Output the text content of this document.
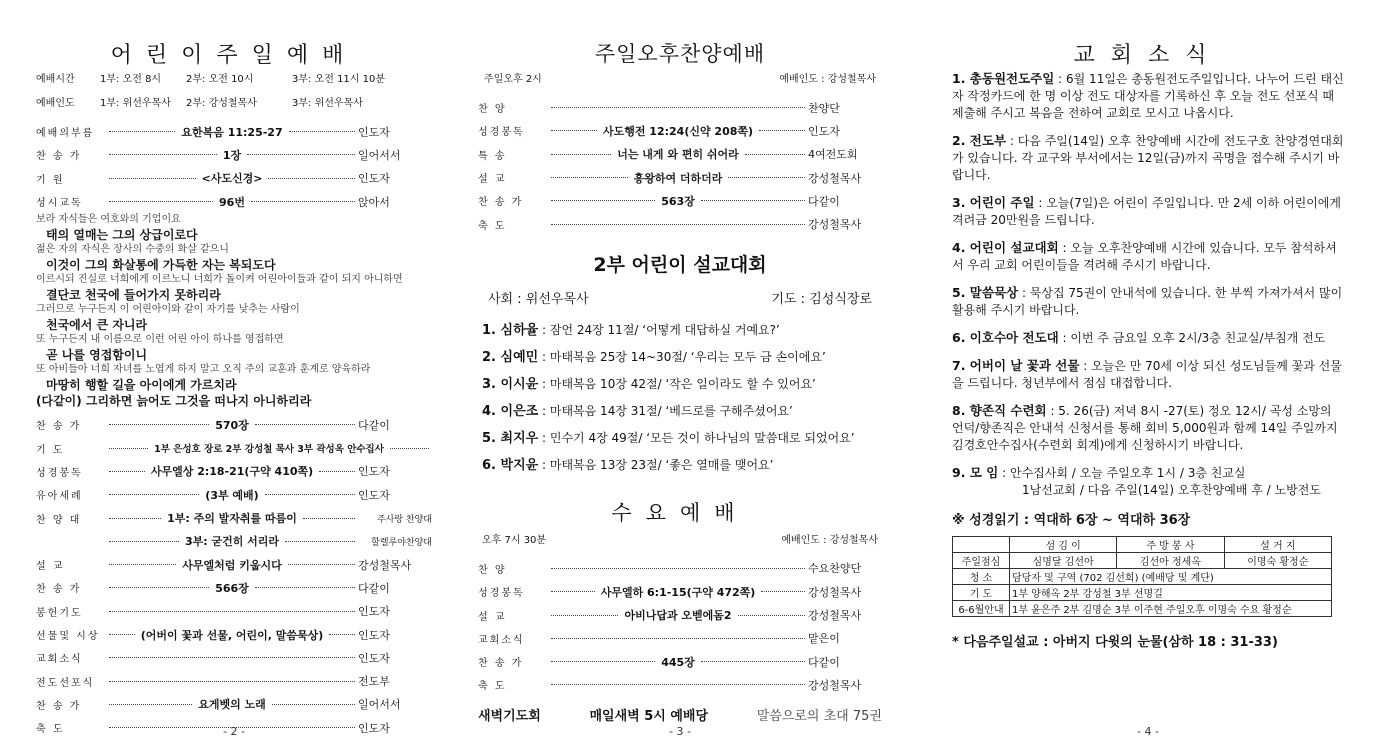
어린이주일예배
예배시간	1부: 오전 8시	2부: 오전 10시	3부: 오전 11시 10분
예배인도	1부: 위선우목사	2부: 강성철목사	3부: 위선우목사
예배의부름	요한복음 11:25-27	인도자
찬 송 가	1장	일어서서
기 원	<사도신경>	인도자
성시교독	96번	앉아서
보라 자식들은 여호와의 기업이요
태의 열매는 그의 상급이로다
젊은 자의 자식은 장사의 수중의 화살 같으니
이것이 그의 화살통에 가득한 자는 복되도다
이르시되 진실로 너희에게 이르노니 너희가 돌이켜 어린아이들과 같이 되지 아니하면
결단코 천국에 들어가지 못하리라
그러므로 누구든지 이 어린아이와 같이 자기를 낮추는 사람이
천국에서 큰 자니라
또 누구든지 내 이름으로 이런 어린 아이 하나를 영접하면
곧 나를 영접함이니
또 아비들아 너희 자녀를 노엽게 하지 말고 오직 주의 교훈과 훈계로 양육하라
마땅히 행할 길을 아이에게 가르치라
(다같이) 그리하면 늙어도 그것을 떠나지 아니하리라
찬 송 가	570장	다같이
기 도	1부 은성호 장로 2부 강성철 목사 3부 곽성옥 안수집사
성경봉독	사무엘상 2:18-21(구약 410쪽)	인도자
유아세례	(3부 예배)	인도자
찬 양 대	1부: 주의 발자취를 따름이	주사랑 찬양대
3부: 굳건히 서리라	할렐루야찬양대
설 교	사무엘처럼 키웁시다	강성철목사
찬 송 가	566장	다같이
봉헌기도	인도자
선물및 시상	(어버이 꽃과 선물, 어린이, 말씀묵상)	인도자
교회소식	인도자
전도선포식	전도부
찬 송 가	요게벳의 노래	일어서서
축 도	인도자
- 2 -
주일오후찬양예배
주일오후 2시	예배인도 : 강성철목사
찬 양	찬양단
성경봉독	사도행전 12:24(신약 208쪽)	인도자
특 송	너는 내게 와 편히 쉬어라	4여전도회
설 교	흥왕하여 더하더라	강성철목사
찬 송 가	563장	다같이
축 도	강성철목사
2부 어린이 설교대회
사회 : 위선우목사	기도 : 김성식장로
1. 심하율 : 잠언 24장 11절/ ‘어떻게 대답하실 거예요?’
2. 심예민 : 마태복음 25장 14~30절/ ‘우리는 모두 금 손이에요’
3. 이시윤 : 마태복음 10장 42절/ ‘작은 일이라도 할 수 있어요’
4. 이은조 : 마태복음 14장 31절/ ‘베드로를 구해주셨어요’
5. 최지우 : 민수기 4장 49절/ ‘모든 것이 하나님의 말씀대로 되었어요’
6. 박지윤 : 마태복음 13장 23절/ ‘좋은 열매를 맺어요’
수요예배
오후 7시 30분	예배인도 : 강성철목사
찬 양	수요찬양단
성경봉독	사무엘하 6:1-15(구약 472쪽)	강성철목사
설 교	아비나답과 오벧에돔2	강성철목사
교회소식	맡은이
찬 송 가	445장	다같이
축 도	강성철목사
새벽기도회	매일새벽 5시 예배당	말씀으로의 초대 75권
- 3 -
교회소식
1. 총동원전도주일 : 6월 11일은 총동원전도주일입니다. 나누어 드린 태신자 작정카드에 한 명 이상 전도 대상자를 기록하신 후 오늘 전도 선포식 때 제출해 주시고 복음을 전하여 교회로 모시고 나옵시다.
2. 전도부 : 다음 주일(14일) 오후 찬양예배 시간에 전도구호 찬양경연대회가 있습니다. 각 교구와 부서에서는 12일(금)까지 곡명을 접수해 주시기 바랍니다.
3. 어린이 주일 : 오늘(7일)은 어린이 주일입니다. 만 2세 이하 어린이에게 격려금 20만원을 드립니다.
4. 어린이 설교대회 : 오늘 오후찬양예배 시간에 있습니다. 모두 참석하셔서 우리 교회 어린이들을 격려해 주시기 바랍니다.
5. 말씀묵상 : 묵상집 75권이 안내석에 있습니다. 한 부씩 가져가셔서 많이 활용해 주시기 바랍니다.
6. 이호수아 전도대 : 이번 주 금요일 오후 2시/3층 친교실/부침개 전도
7. 어버이 날 꽃과 선물 : 오늘은 만 70세 이상 되신 성도님들께 꽃과 선물을 드립니다. 청년부에서 점심 대접합니다.
8. 향존직 수련회 : 5. 26(금) 저녁 8시 -27(토) 정오 12시/ 곡성 소망의 언덕/향존직은 안내석 신청서를 통해 회비 5,000원과 함께 14일 주일까지 김경호안수집사(수련회 회계)에게 신청하시기 바랍니다.
9. 모 임 : 안수집사회 / 오늘 주일오후 1시 / 3층 친교실
1남선교회 / 다음 주일(14일) 오후찬양예배 후 / 노방전도
※ 성경읽기 : 역대하 6장 ~ 역대하 36장
	섬 김 이	주 방 봉 사	설 거 지
주일점심	심명달 김선아	김선아 정세옥	이명숙 황정순
청 소	담당자 및 구역 (702 김선희) (예배당 및 계단)		
기 도	1부 양해옥 2부 강성철 3부 선명길		
6-6월안내	1부 윤은주 2부 김명순 3부 이주현 주일오후 이명숙 수요 황정순		
* 다음주일설교 : 아버지 다윗의 눈물(삼하 18 : 31-33)
- 4 -
